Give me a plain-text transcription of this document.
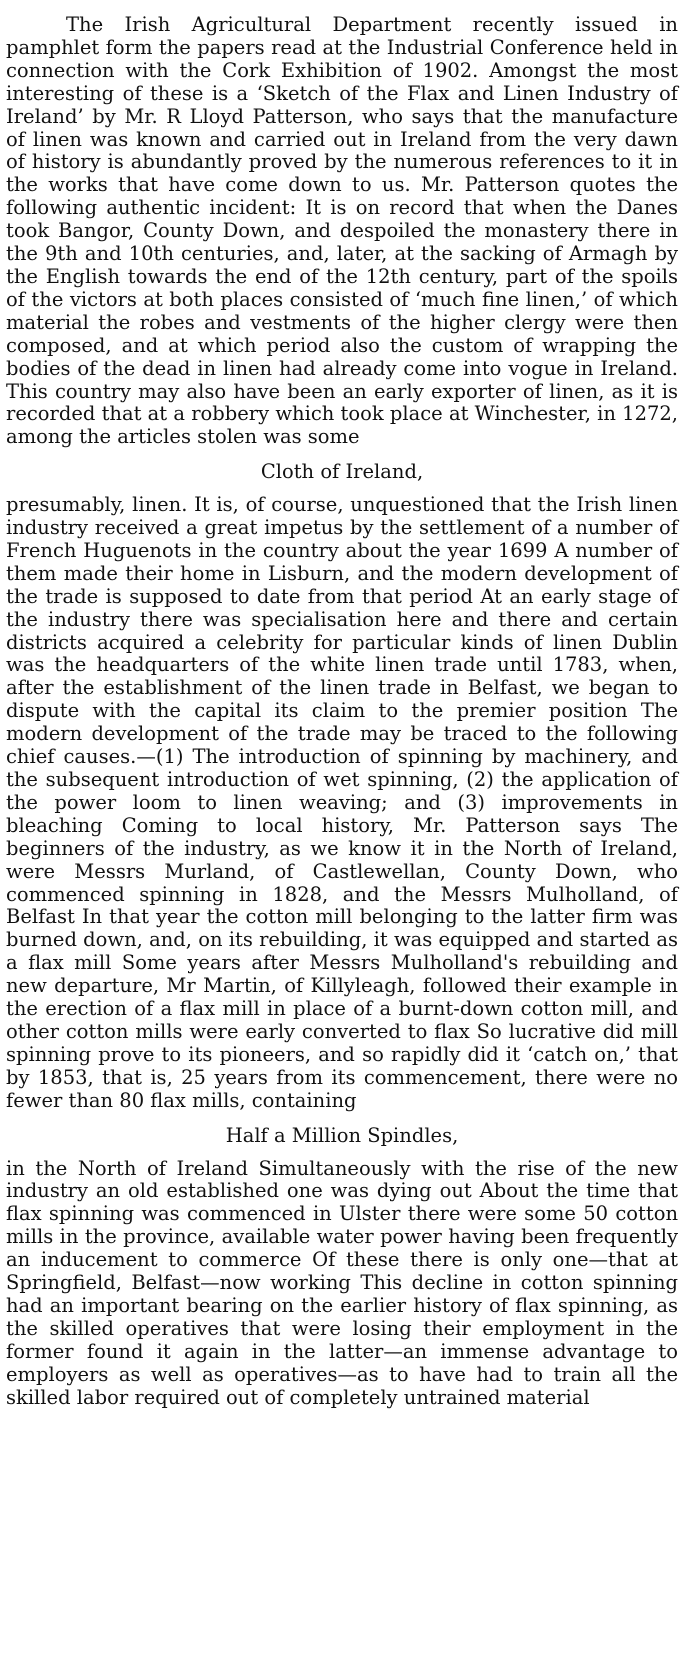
The Irish Agricultural Department recently issued in pamphlet form the papers read at the Industrial Conference held in connection with the Cork Exhibition of 1902. Amongst the most interesting of these is a ‘Sketch of the Flax and Linen Industry of Ireland’ by Mr. R Lloyd Patterson, who says that the manufacture of linen was known and carried out in Ireland from the very dawn of history is abundantly proved by the numerous references to it in the works that have come down to us. Mr. Patterson quotes the following authentic incident: It is on record that when the Danes took Bangor, County Down, and despoiled the monastery there in the 9th and 10th centuries, and, later, at the sacking of Armagh by the English towards the end of the 12th century, part of the spoils of the victors at both places consisted of ‘much fine linen,’ of which material the robes and vestments of the higher clergy were then composed, and at which period also the custom of wrapping the bodies of the dead in linen had already come into vogue in Ireland. This country may also have been an early exporter of linen, as it is recorded that at a robbery which took place at Winchester, in 1272, among the articles stolen was some

Cloth of Ireland,

presumably, linen. It is, of course, unquestioned that the Irish linen industry received a great impetus by the settlement of a number of French Huguenots in the country about the year 1699 A number of them made their home in Lisburn, and the modern development of the trade is supposed to date from that period At an early stage of the industry there was specialisation here and there and certain districts acquired a celebrity for particular kinds of linen Dublin was the headquarters of the white linen trade until 1783, when, after the establishment of the linen trade in Belfast, we began to dispute with the capital its claim to the premier position The modern development of the trade may be traced to the following chief causes.—(1) The introduction of spinning by machinery, and the subsequent introduction of wet spinning, (2) the application of the power loom to linen weaving; and (3) improvements in bleaching Coming to local history, Mr. Patterson says The beginners of the industry, as we know it in the North of Ireland, were Messrs Murland, of Castlewellan, County Down, who commenced spinning in 1828, and the Messrs Mulholland, of Belfast In that year the cotton mill belonging to the latter firm was burned down, and, on its rebuilding, it was equipped and started as a flax mill Some years after Messrs Mulholland's rebuilding and new departure, Mr Martin, of Killyleagh, followed their example in the erection of a flax mill in place of a burnt-down cotton mill, and other cotton mills were early converted to flax So lucrative did mill spinning prove to its pioneers, and so rapidly did it ‘catch on,’ that by 1853, that is, 25 years from its commencement, there were no fewer than 80 flax mills, containing

Half a Million Spindles,

in the North of Ireland Simultaneously with the rise of the new industry an old established one was dying out About the time that flax spinning was commenced in Ulster there were some 50 cotton mills in the province, available water power having been frequently an inducement to commerce Of these there is only one—that at Springfield, Belfast—now working This decline in cotton spinning had an important bearing on the earlier history of flax spinning, as the skilled operatives that were losing their employment in the former found it again in the latter—an immense advantage to employers as well as operatives—as to have had to train all the skilled labor required out of completely untrained material
